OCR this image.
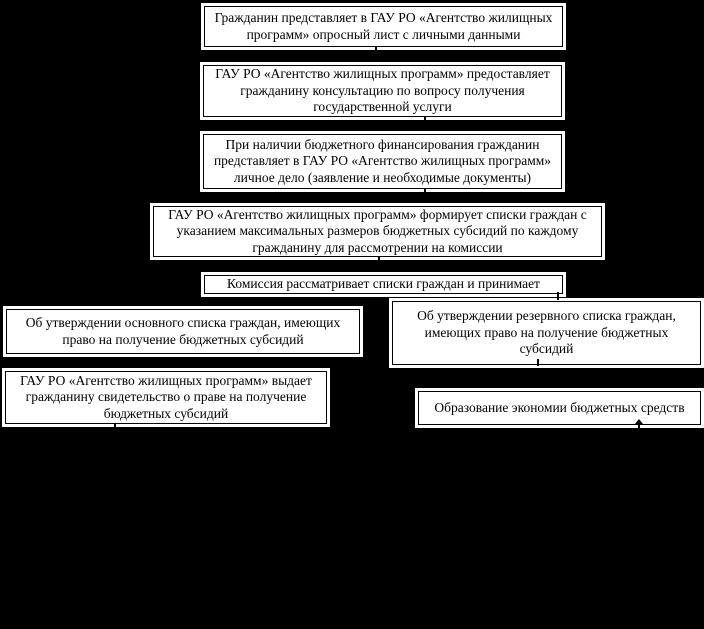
Гражданин представляет в ГАУ РО «Агентство жилищных программ» опросный лист с личными данными
ГАУ РО «Агентство жилищных программ» предоставляет гражданину консультацию по вопросу получения государственной услуги
При наличии бюджетного финансирования гражданин представляет в ГАУ РО «Агентство жилищных программ» личное дело (заявление и необходимые документы)
ГАУ РО «Агентство жилищных программ» формирует списки граждан с указанием максимальных размеров бюджетных субсидий по каждому гражданину для рассмотрении на комиссии
Комиссия рассматривает списки граждан и принимает
Об утверждении основного списка граждан, имеющих право на получение бюджетных субсидий
Об утверждении резервного списка граждан, имеющих право на получение бюджетных субсидий
ГАУ РО «Агентство жилищных программ» выдает гражданину свидетельство о праве на получение бюджетных субсидий	Образование экономии бюджетных средств
